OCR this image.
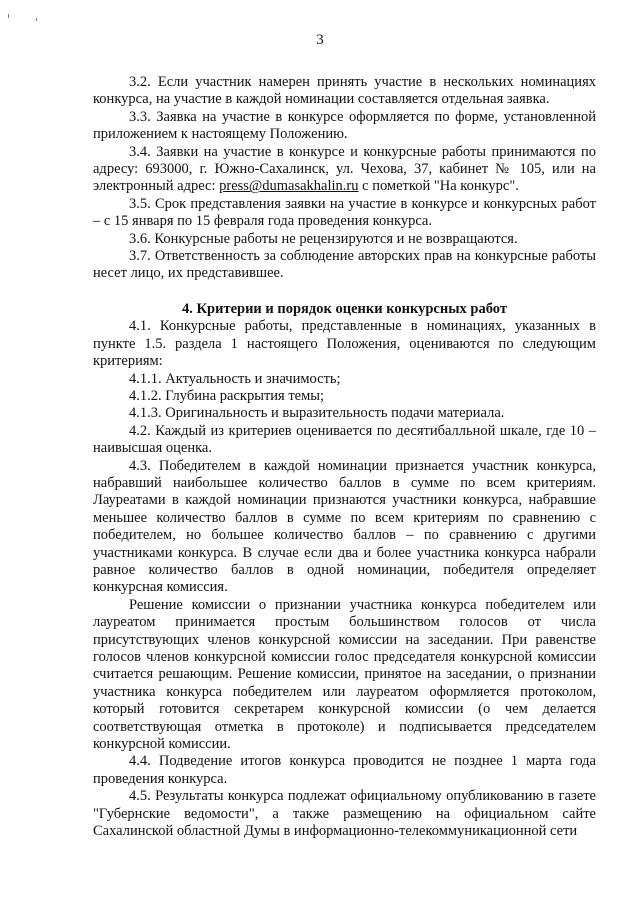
3

3.2. Если участник намерен принять участие в нескольких номинациях конкурса, на участие в каждой номинации составляется отдельная заявка.

3.3. Заявка на участие в конкурсе оформляется по форме, установленной приложением к настоящему Положению.

3.4. Заявки на участие в конкурсе и конкурсные работы принимаются по адресу: 693000, г. Южно-Сахалинск, ул. Чехова, 37, кабинет № 105, или на электронный адрес: press@dumasakhalin.ru с пометкой "На конкурс".

3.5. Срок представления заявки на участие в конкурсе и конкурсных работ – с 15 января по 15 февраля года проведения конкурса.

3.6. Конкурсные работы не рецензируются и не возвращаются.

3.7. Ответственность за соблюдение авторских прав на конкурсные работы несет лицо, их представившее.

4. Критерии и порядок оценки конкурсных работ

4.1. Конкурсные работы, представленные в номинациях, указанных в пункте 1.5. раздела 1 настоящего Положения, оцениваются по следующим критериям:

4.1.1. Актуальность и значимость;

4.1.2. Глубина раскрытия темы;

4.1.3. Оригинальность и выразительность подачи материала.

4.2. Каждый из критериев оценивается по десятибалльной шкале, где 10 – наивысшая оценка.

4.3. Победителем в каждой номинации признается участник конкурса, набравший наибольшее количество баллов в сумме по всем критериям. Лауреатами в каждой номинации признаются участники конкурса, набравшие меньшее количество баллов в сумме по всем критериям по сравнению с победителем, но большее количество баллов – по сравнению с другими участниками конкурса. В случае если два и более участника конкурса набрали равное количество баллов в одной номинации, победителя определяет конкурсная комиссия.

Решение комиссии о признании участника конкурса победителем или лауреатом принимается простым большинством голосов от числа присутствующих членов конкурсной комиссии на заседании. При равенстве голосов членов конкурсной комиссии голос председателя конкурсной комиссии считается решающим. Решение комиссии, принятое на заседании, о признании участника конкурса победителем или лауреатом оформляется протоколом, который готовится секретарем конкурсной комиссии (о чем делается соответствующая отметка в протоколе) и подписывается председателем конкурсной комиссии.

4.4. Подведение итогов конкурса проводится не позднее 1 марта года проведения конкурса.

4.5. Результаты конкурса подлежат официальному опубликованию в газете "Губернские ведомости", а также размещению на официальном сайте Сахалинской областной Думы в информационно-телекоммуникационной сети
